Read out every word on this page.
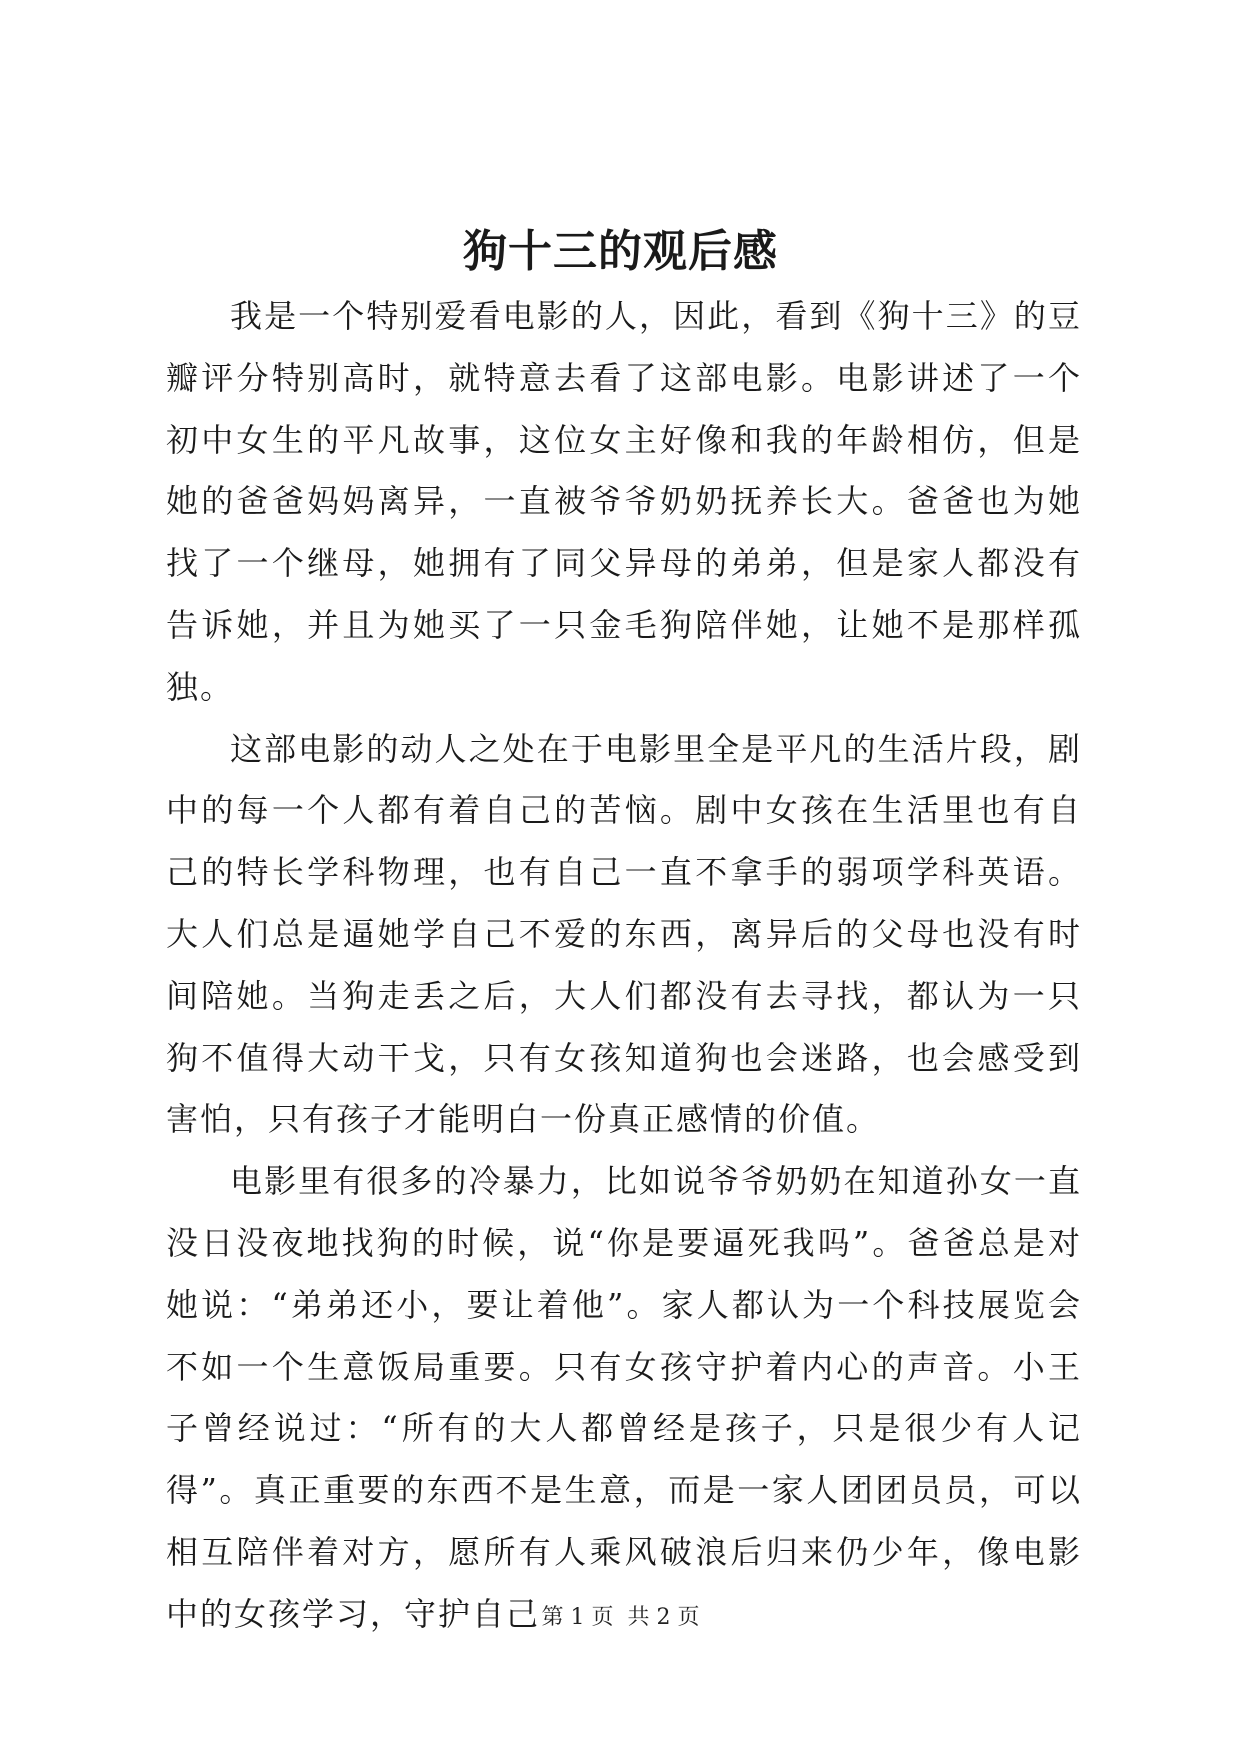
狗十三的观后感

我是一个特别爱看电影的人，因此，看到《狗十三》的豆瓣评分特别高时，就特意去看了这部电影。电影讲述了一个初中女生的平凡故事，这位女主好像和我的年龄相仿，但是她的爸爸妈妈离异，一直被爷爷奶奶抚养长大。爸爸也为她找了一个继母，她拥有了同父异母的弟弟，但是家人都没有告诉她，并且为她买了一只金毛狗陪伴她，让她不是那样孤独。

这部电影的动人之处在于电影里全是平凡的生活片段，剧中的每一个人都有着自己的苦恼。剧中女孩在生活里也有自己的特长学科物理，也有自己一直不拿手的弱项学科英语。大人们总是逼她学自己不爱的东西，离异后的父母也没有时间陪她。当狗走丢之后，大人们都没有去寻找，都认为一只狗不值得大动干戈，只有女孩知道狗也会迷路，也会感受到害怕，只有孩子才能明白一份真正感情的价值。

电影里有很多的冷暴力，比如说爷爷奶奶在知道孙女一直没日没夜地找狗的时候，说“你是要逼死我吗”。爸爸总是对她说：“弟弟还小，要让着他”。家人都认为一个科技展览会不如一个生意饭局重要。只有女孩守护着内心的声音。小王子曾经说过：“所有的大人都曾经是孩子，只是很少有人记得”。真正重要的东西不是生意，而是一家人团团员员，可以相互陪伴着对方，愿所有人乘风破浪后归来仍少年，像电影中的女孩学习，守护自己 第 1 页  共 2 页
